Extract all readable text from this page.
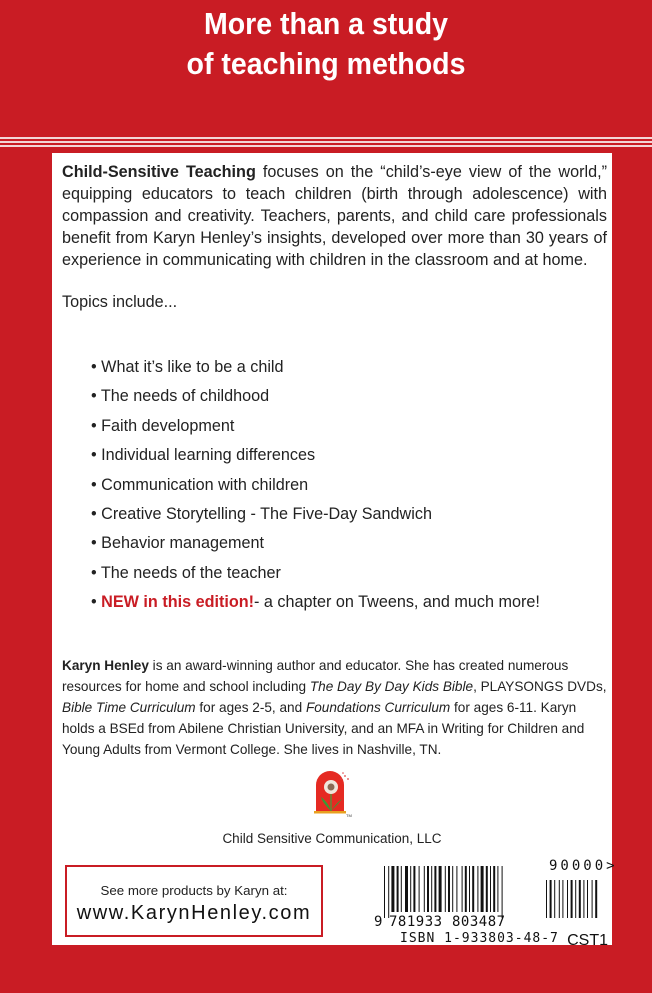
More than a study
of teaching methods
Child-Sensitive Teaching focuses on the “child’s-eye view of the world,” equipping educators to teach children (birth through adolescence) with compassion and creativity. Teachers, parents, and child care professionals benefit from Karyn Henley’s insights, developed over more than 30 years of experience in communicating with children in the classroom and at home.
Topics include...
• What it’s like to be a child
• The needs of childhood
• Faith development
• Individual learning differences
• Communication with children
• Creative Storytelling - The Five-Day Sandwich
• Behavior management
• The needs of the teacher
• NEW in this edition!- a chapter on Tweens, and much more!
Karyn Henley is an award-winning author and educator. She has created numerous resources for home and school including The Day By Day Kids Bible, PLAYSONGS DVDs, Bible Time Curriculum for ages 2-5, and Foundations Curriculum for ages 6-11. Karyn holds a BSEd from Abilene Christian University, and an MFA in Writing for Children and Young Adults from Vermont College. She lives in Nashville, TN.
TM
Child Sensitive Communication, LLC
See more products by Karyn at:
www.KarynHenley.com
90000>
9 781933 803487
ISBN 1-933803-48-7 CST1
